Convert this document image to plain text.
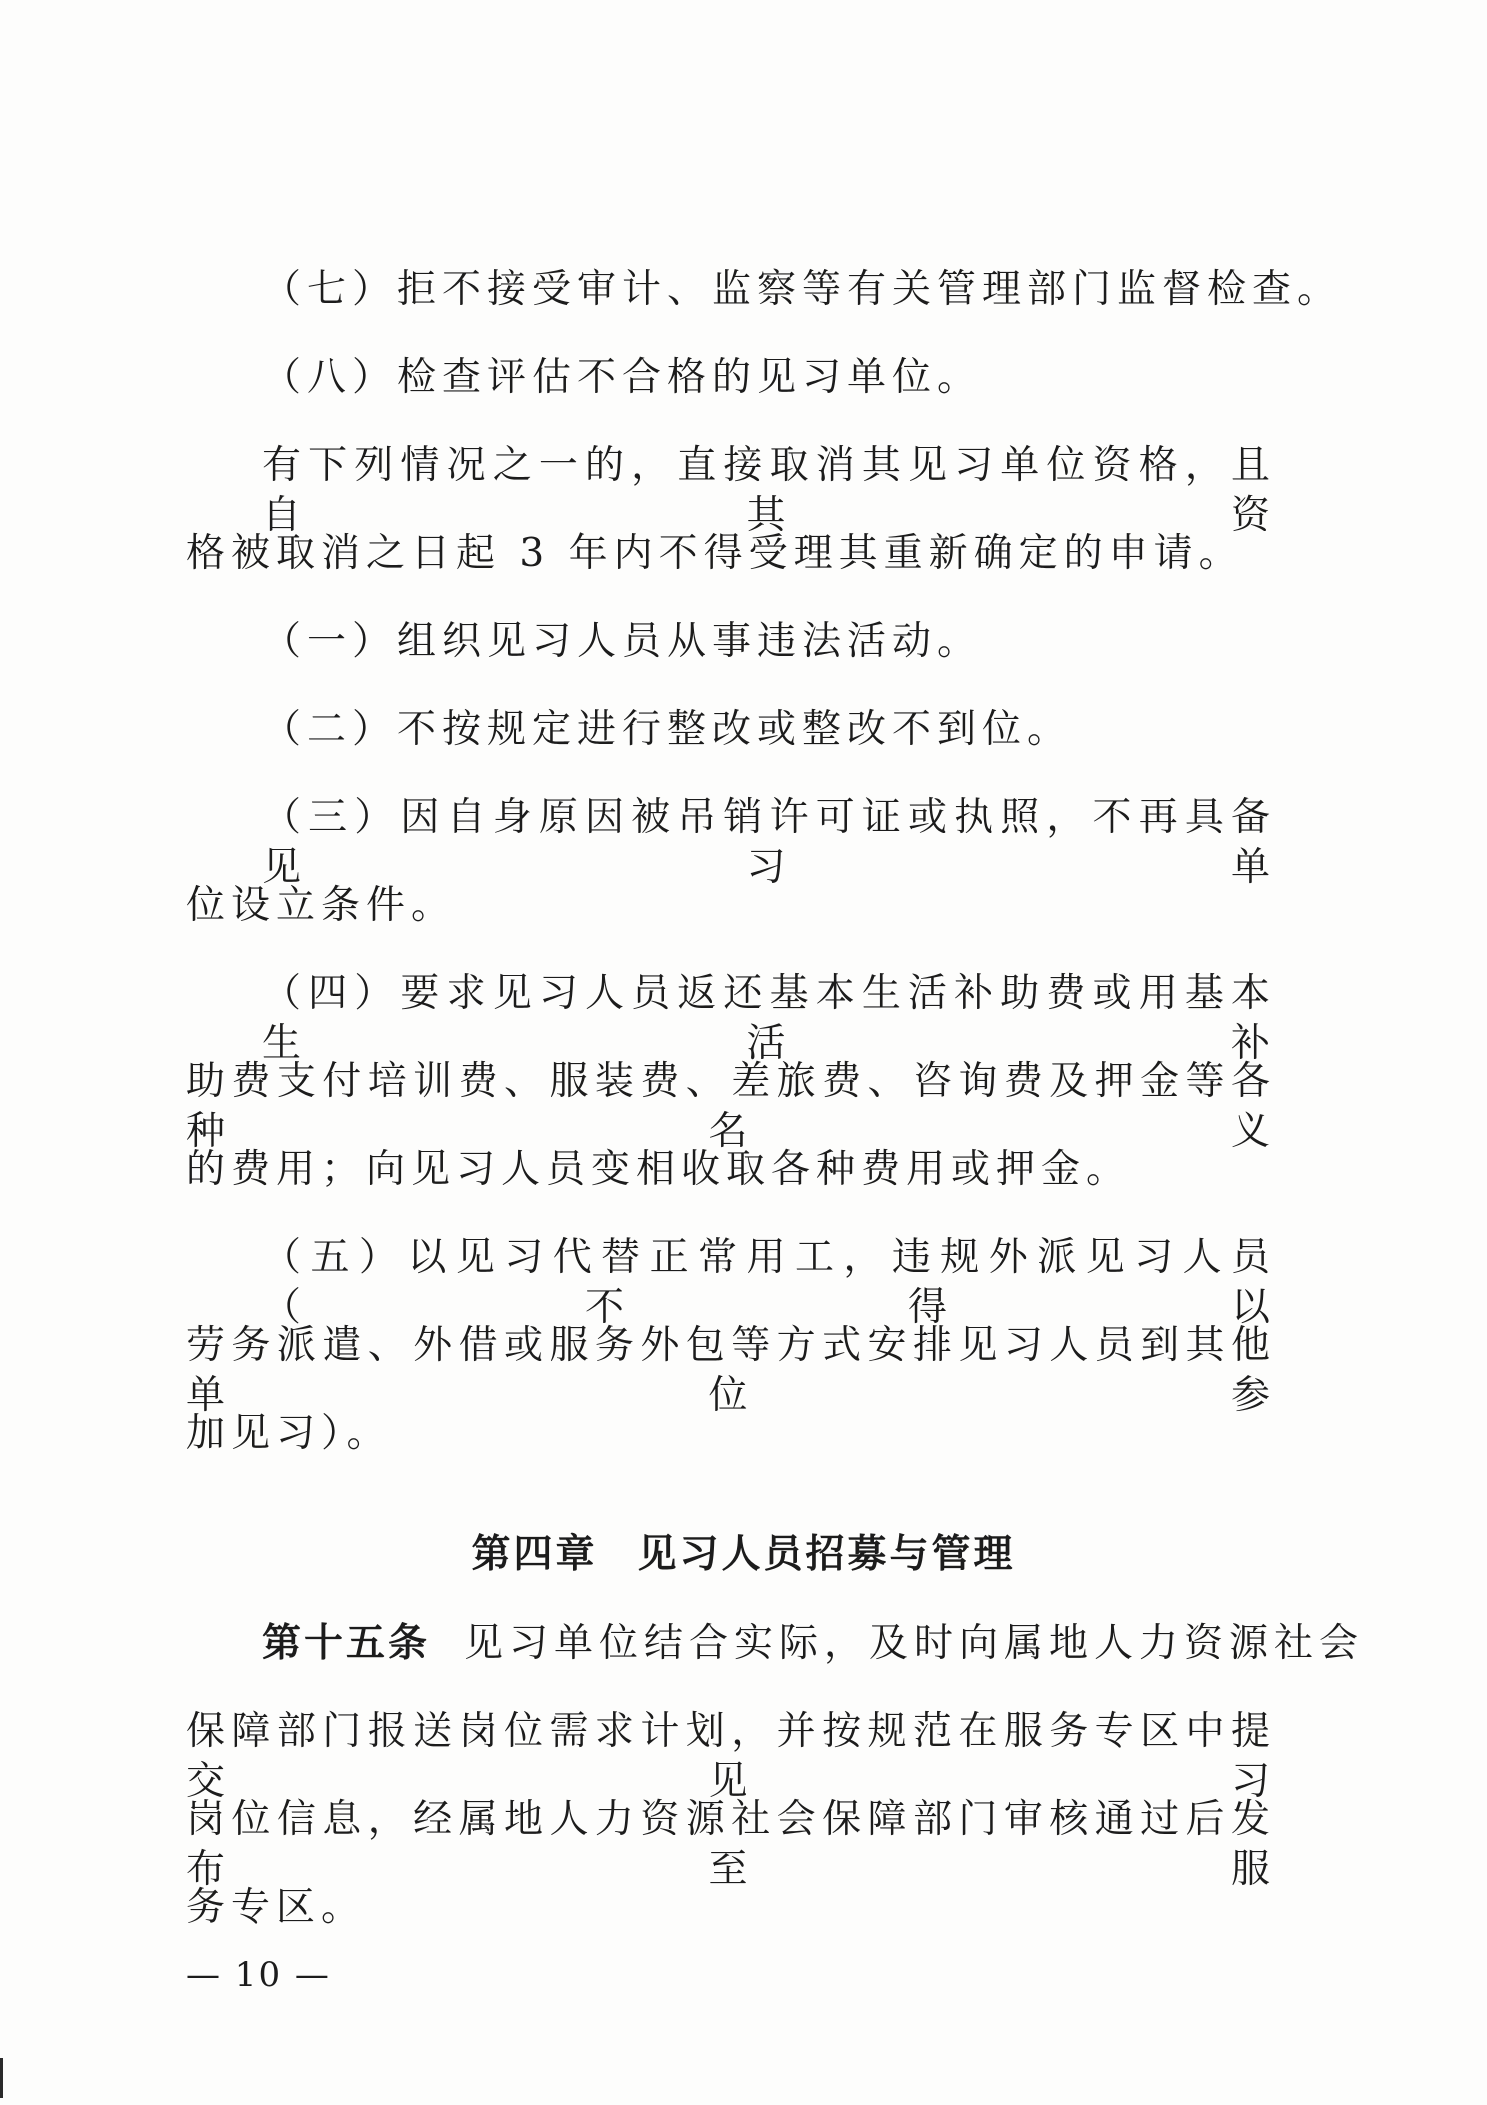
（七）拒不接受审计、监察等有关管理部门监督检查。
（八）检查评估不合格的见习单位。
有下列情况之一的，直接取消其见习单位资格，且自其资
格被取消之日起 3 年内不得受理其重新确定的申请。
（一）组织见习人员从事违法活动。
（二）不按规定进行整改或整改不到位。
（三）因自身原因被吊销许可证或执照，不再具备见习单
位设立条件。
（四）要求见习人员返还基本生活补助费或用基本生活补
助费支付培训费、服装费、差旅费、咨询费及押金等各种名义
的费用；向见习人员变相收取各种费用或押金。
（五）以见习代替正常用工，违规外派见习人员（不得以
劳务派遣、外借或服务外包等方式安排见习人员到其他单位参
加见习）。
第四章 见习人员招募与管理
第十五条 见习单位结合实际，及时向属地人力资源社会
保障部门报送岗位需求计划，并按规范在服务专区中提交见习
岗位信息，经属地人力资源社会保障部门审核通过后发布至服
— 10 —
务专区。
